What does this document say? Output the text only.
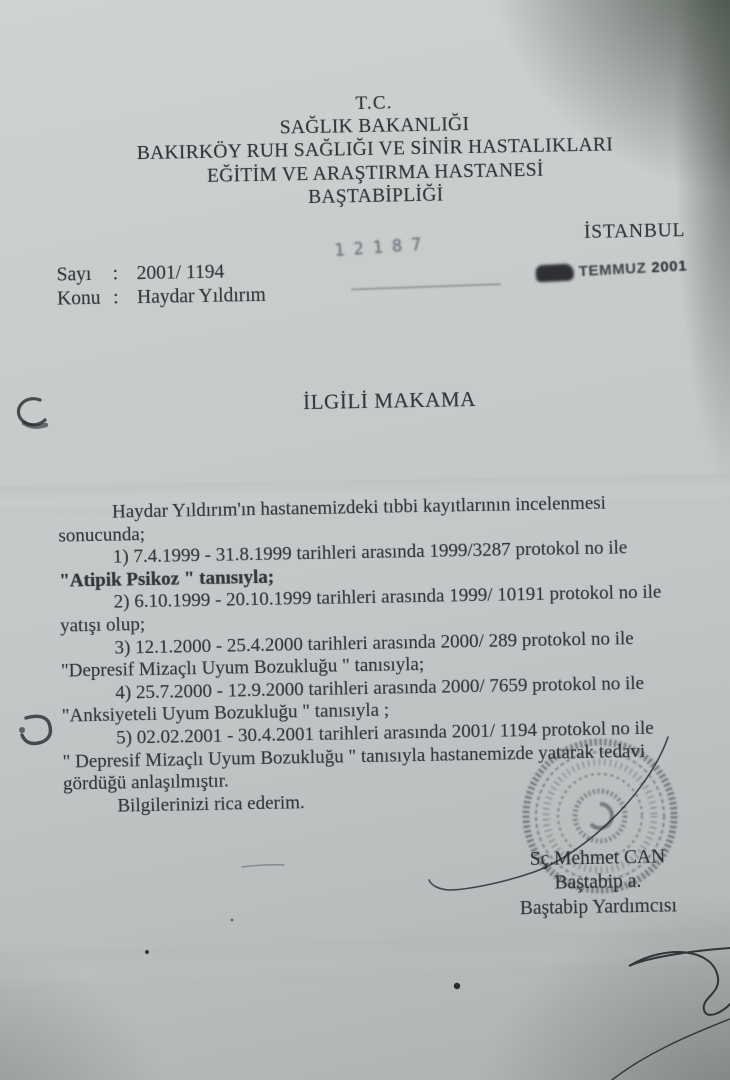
T.C.
SAĞLIK BAKANLIĞI
BAKIRKÖY RUH SAĞLIĞI VE SİNİR HASTALIKLARI
EĞİTİM VE ARAŞTIRMA HASTANESİ
BAŞTABİPLİĞİ
İSTANBUL
12187
Sayı	: 2001/ 1194
Konu : Haydar Yıldırım
TEMMUZ 2001
İLGİLİ MAKAMA
Haydar Yıldırım'ın hastanemizdeki tıbbi kayıtlarının incelenmesi
sonucunda;
1) 7.4.1999 - 31.8.1999 tarihleri arasında 1999/3287 protokol no ile
"Atipik Psikoz " tanısıyla;
2) 6.10.1999 - 20.10.1999 tarihleri arasında 1999/ 10191 protokol no ile
yatışı olup;
3) 12.1.2000 - 25.4.2000 tarihleri arasında 2000/ 289 protokol no ile
"Depresif Mizaçlı Uyum Bozukluğu " tanısıyla;
4) 25.7.2000 - 12.9.2000 tarihleri arasında 2000/ 7659 protokol no ile
"Anksiyeteli Uyum Bozukluğu " tanısıyla ;
5) 02.02.2001 - 30.4.2001 tarihleri arasında 2001/ 1194 protokol no ile
" Depresif Mizaçlı Uyum Bozukluğu " tanısıyla hastanemizde yatarak tedavi
gördüğü anlaşılmıştır.
Bilgilerinizi rica ederim.
Sç.Mehmet CAN
Baştabip a.
Baştabip Yardımcısı
